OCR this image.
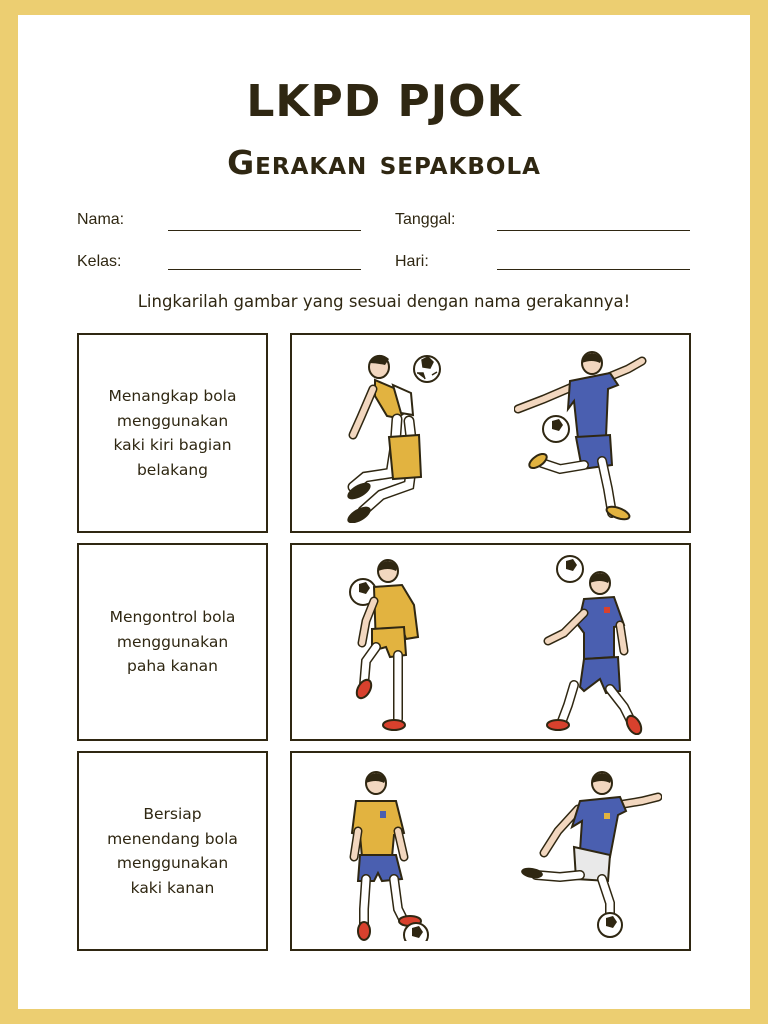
LKPD PJOK
Gerakan sepakbola
Nama:	Tanggal:
Kelas:	Hari:
Lingkarilah gambar yang sesuai dengan nama gerakannya!
Menangkap bola menggunakan kaki kiri bagian belakang
Mengontrol bola menggunakan paha kanan
Bersiap menendang bola menggunakan kaki kanan
